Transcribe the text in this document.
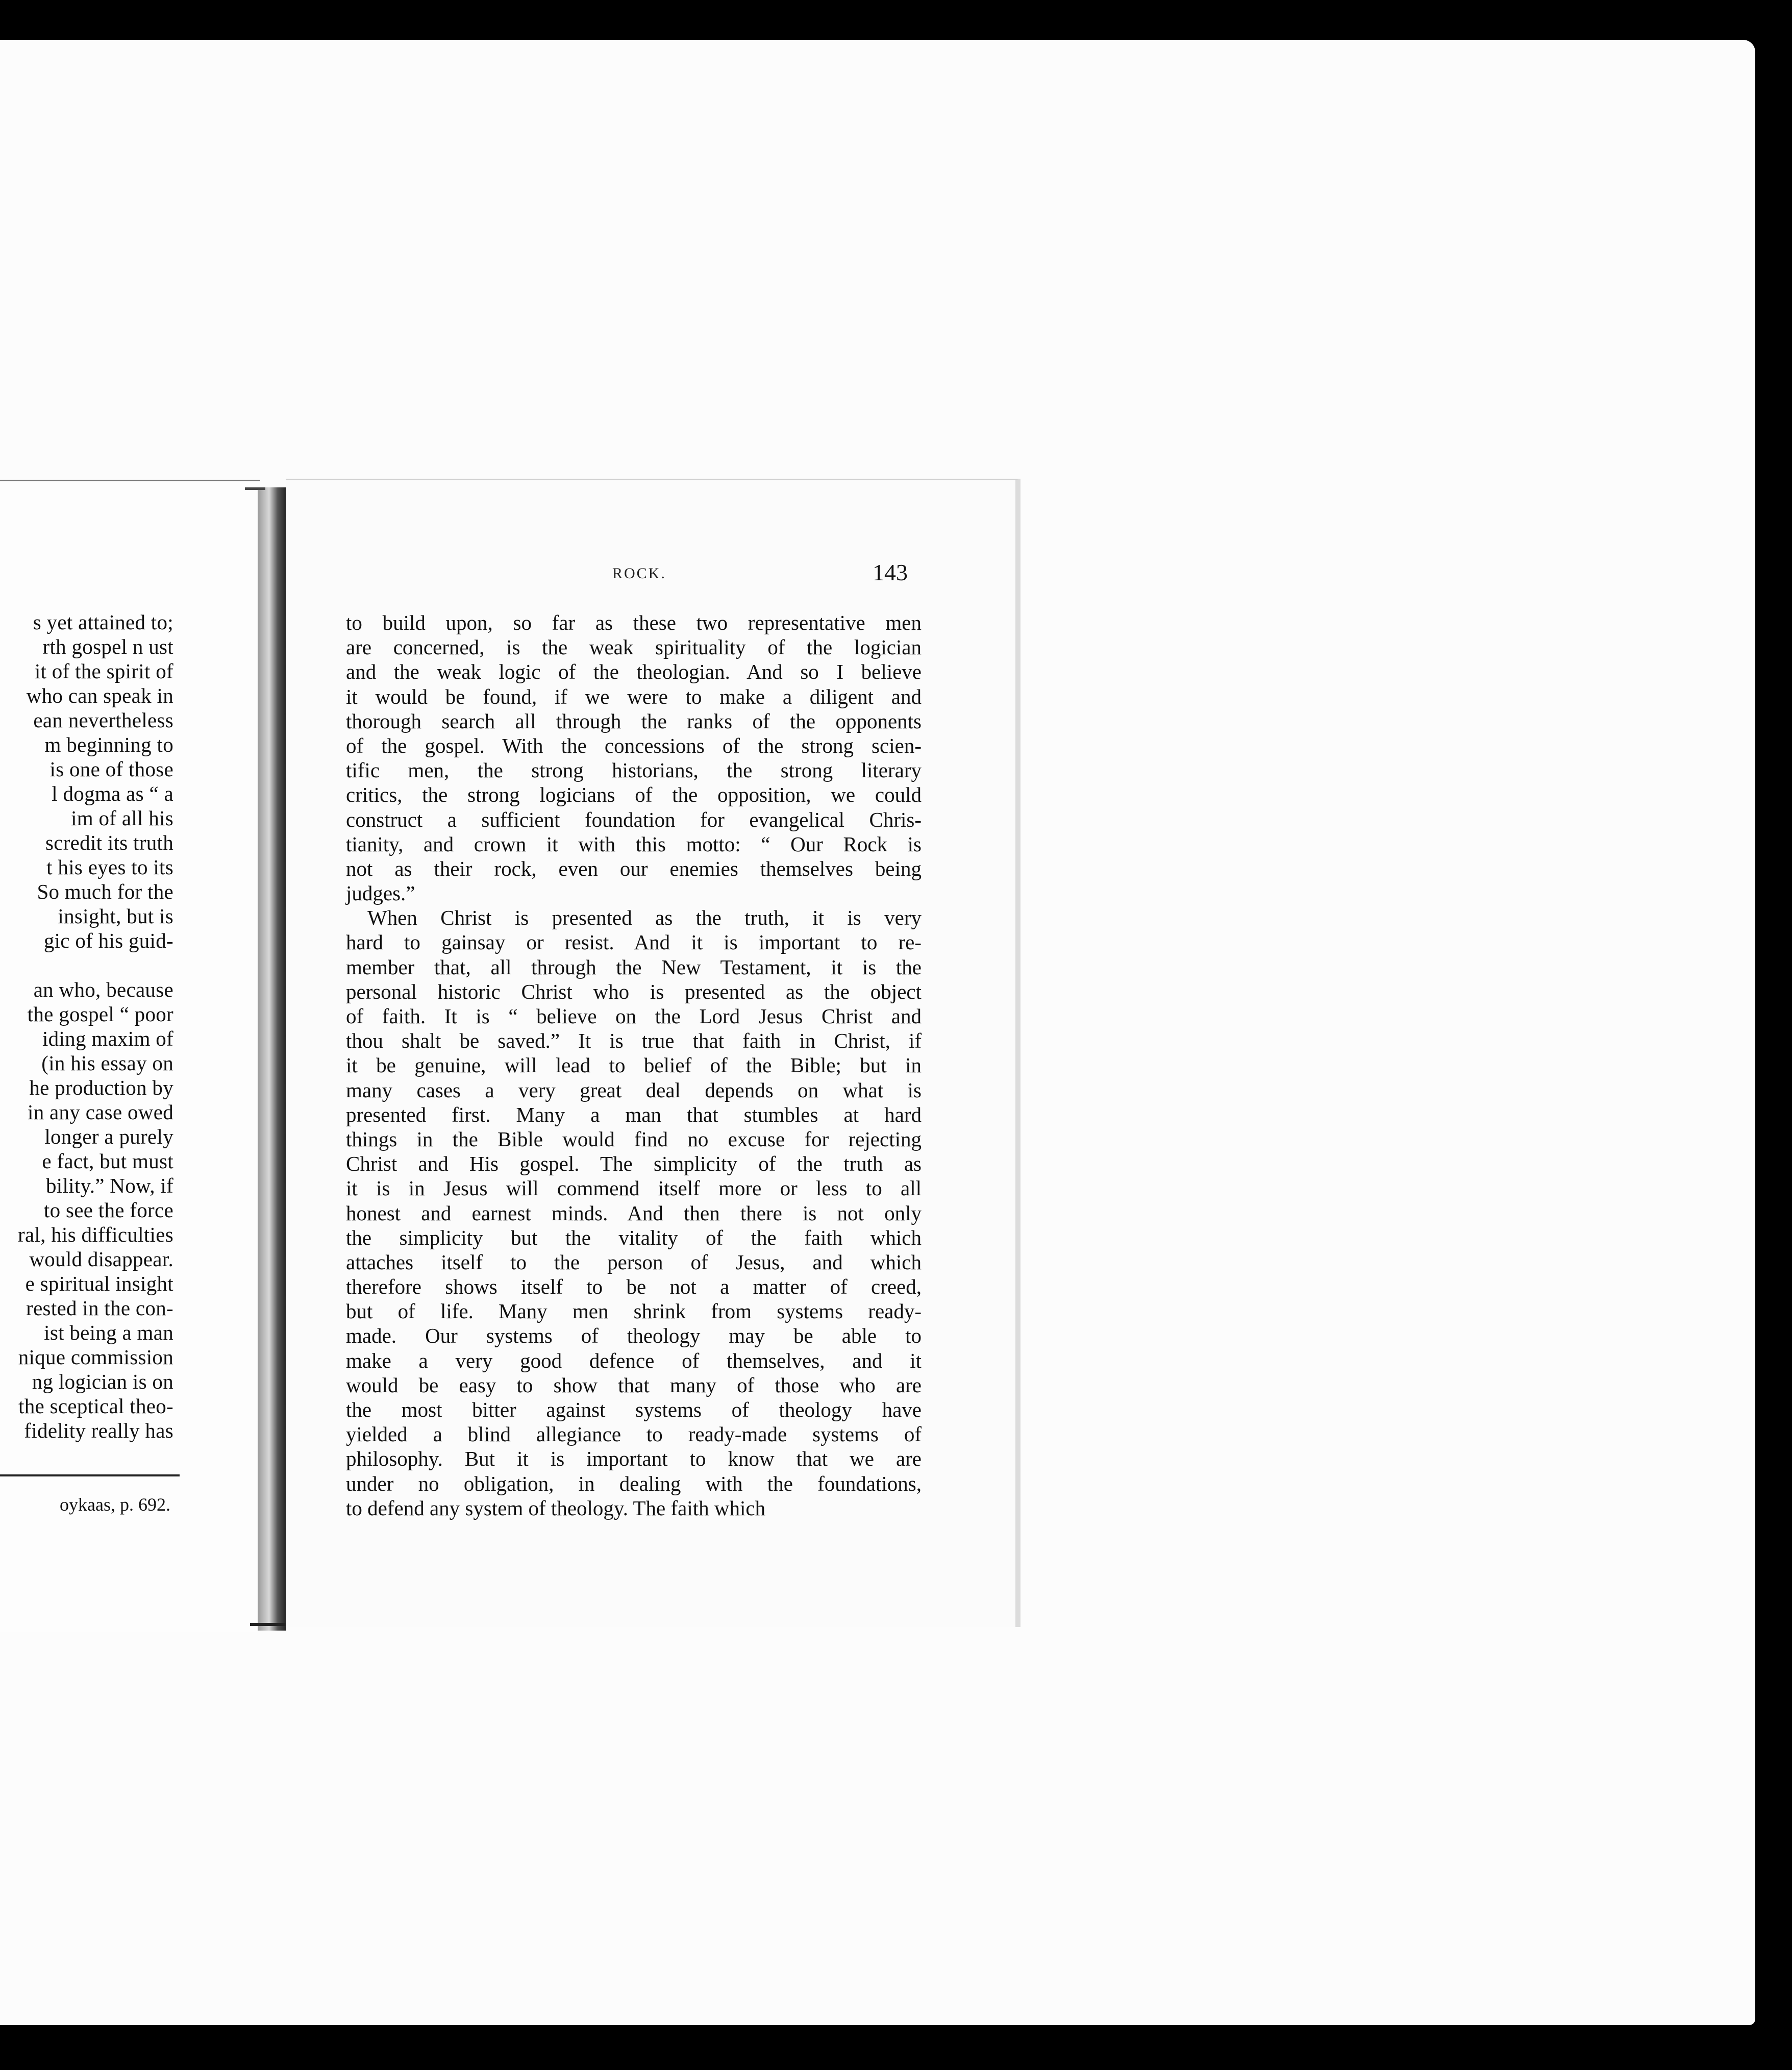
s yet attained to;
rth gospel n ust
it of the spirit of
who can speak in
ean nevertheless
m beginning to
is one of those
l dogma as “ a
im of all his
scredit its truth
t his eyes to its
So much for the
insight, but is
gic of his guid-
an who, because
the gospel “ poor
iding maxim of
(in his essay on
he production by
in any case owed
longer a purely
e fact, but must
bility.” Now, if
to see the force
ral, his difficulties
would disappear.
e spiritual insight
rested in the con-
ist being a man
nique commission
ng logician is on
the sceptical theo-
fidelity really has
oykaas, p. 692.
ROCK.	143
to build upon, so far as these two representative men
are concerned, is the weak spirituality of the logician
and the weak logic of the theologian. And so I believe
it would be found, if we were to make a diligent and
thorough search all through the ranks of the opponents
of the gospel. With the concessions of the strong scien-
tific men, the strong historians, the strong literary
critics, the strong logicians of the opposition, we could
construct a sufficient foundation for evangelical Chris-
tianity, and crown it with this motto: “ Our Rock is
not as their rock, even our enemies themselves being
judges.”
When Christ is presented as the truth, it is very
hard to gainsay or resist. And it is important to re-
member that, all through the New Testament, it is the
personal historic Christ who is presented as the object
of faith. It is “ believe on the Lord Jesus Christ and
thou shalt be saved.” It is true that faith in Christ, if
it be genuine, will lead to belief of the Bible; but in
many cases a very great deal depends on what is
presented first. Many a man that stumbles at hard
things in the Bible would find no excuse for rejecting
Christ and His gospel. The simplicity of the truth as
it is in Jesus will commend itself more or less to all
honest and earnest minds. And then there is not only
the simplicity but the vitality of the faith which
attaches itself to the person of Jesus, and which
therefore shows itself to be not a matter of creed,
but of life. Many men shrink from systems ready-
made. Our systems of theology may be able to
make a very good defence of themselves, and it
would be easy to show that many of those who are
the most bitter against systems of theology have
yielded a blind allegiance to ready-made systems of
philosophy. But it is important to know that we are
under no obligation, in dealing with the foundations,
to defend any system of theology. The faith which
